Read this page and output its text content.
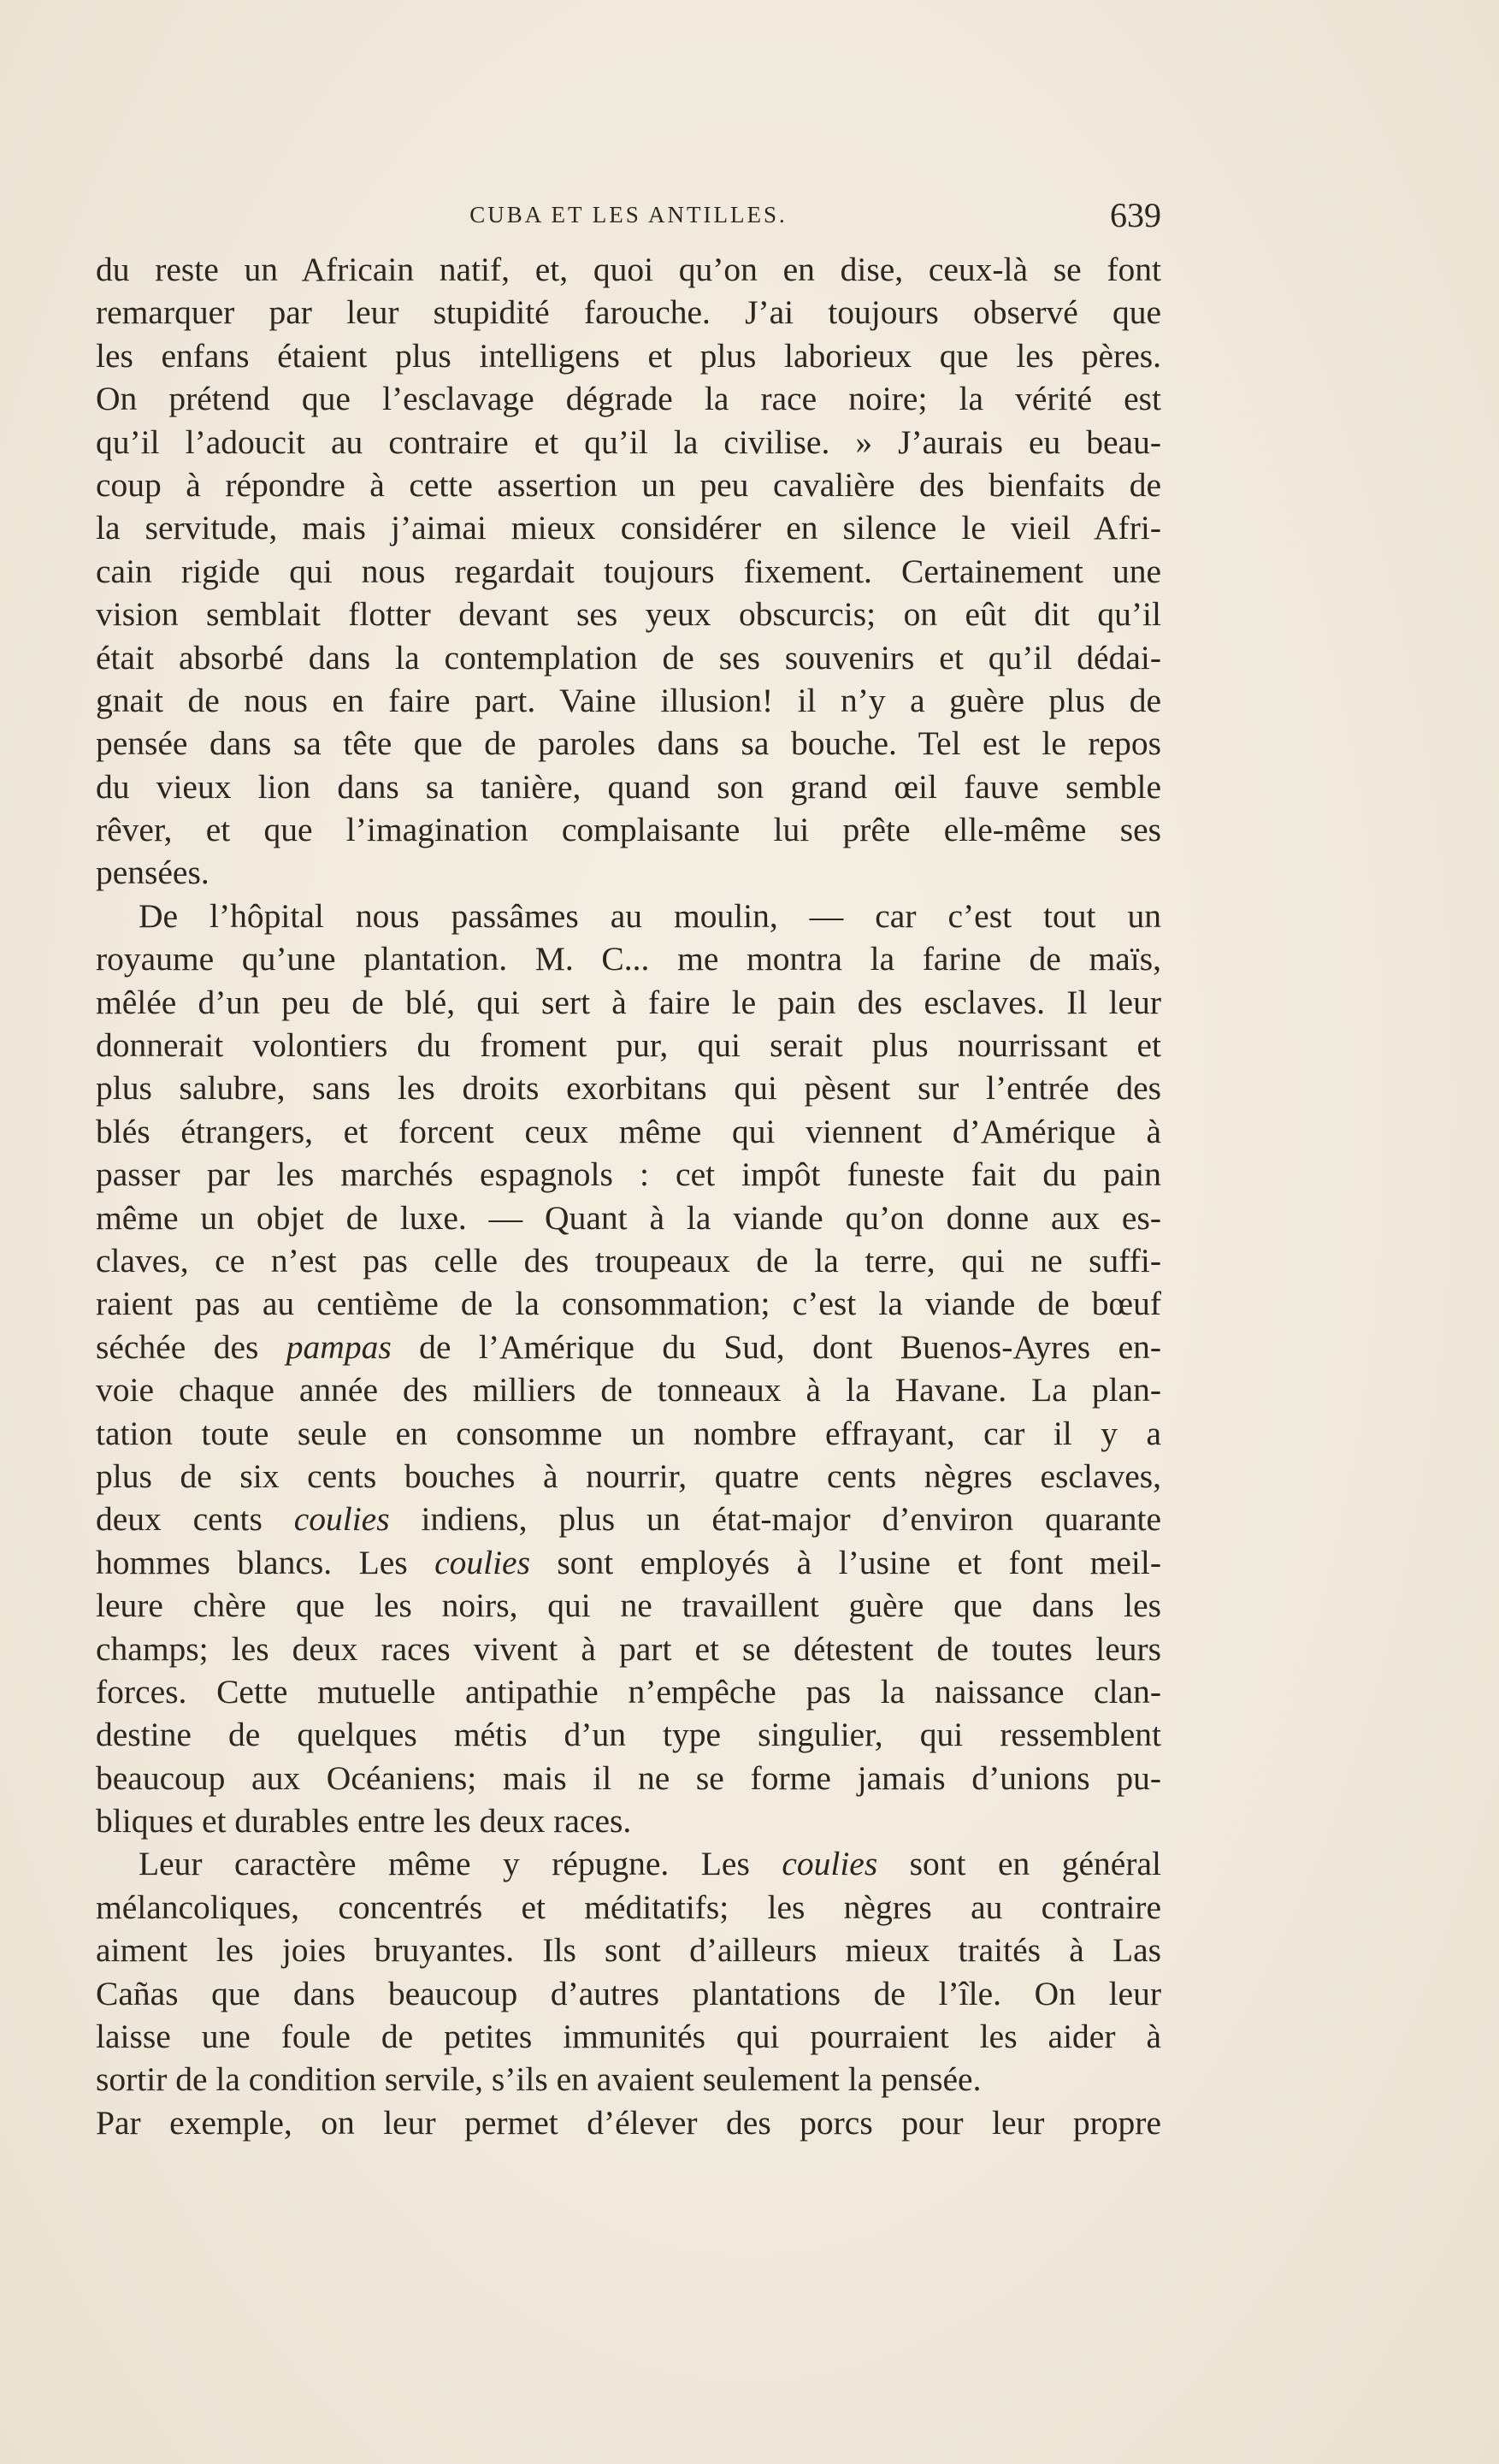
CUBA ET LES ANTILLES.	639
du reste un Africain natif, et, quoi qu’on en dise, ceux-là se font
remarquer par leur stupidité farouche. J’ai toujours observé que
les enfans étaient plus intelligens et plus laborieux que les pères.
On prétend que l’esclavage dégrade la race noire; la vérité est
qu’il l’adoucit au contraire et qu’il la civilise. » J’aurais eu beau-
coup à répondre à cette assertion un peu cavalière des bienfaits de
la servitude, mais j’aimai mieux considérer en silence le vieil Afri-
cain rigide qui nous regardait toujours fixement. Certainement une
vision semblait flotter devant ses yeux obscurcis; on eût dit qu’il
était absorbé dans la contemplation de ses souvenirs et qu’il dédai-
gnait de nous en faire part. Vaine illusion! il n’y a guère plus de
pensée dans sa tête que de paroles dans sa bouche. Tel est le repos
du vieux lion dans sa tanière, quand son grand œil fauve semble
rêver, et que l’imagination complaisante lui prête elle-même ses
pensées.
De l’hôpital nous passâmes au moulin, — car c’est tout un
royaume qu’une plantation. M. C... me montra la farine de maïs,
mêlée d’un peu de blé, qui sert à faire le pain des esclaves. Il leur
donnerait volontiers du froment pur, qui serait plus nourrissant et
plus salubre, sans les droits exorbitans qui pèsent sur l’entrée des
blés étrangers, et forcent ceux même qui viennent d’Amérique à
passer par les marchés espagnols : cet impôt funeste fait du pain
même un objet de luxe. — Quant à la viande qu’on donne aux es-
claves, ce n’est pas celle des troupeaux de la terre, qui ne suffi-
raient pas au centième de la consommation; c’est la viande de bœuf
séchée des pampas de l’Amérique du Sud, dont Buenos-Ayres en-
voie chaque année des milliers de tonneaux à la Havane. La plan-
tation toute seule en consomme un nombre effrayant, car il y a
plus de six cents bouches à nourrir, quatre cents nègres esclaves,
deux cents coulies indiens, plus un état-major d’environ quarante
hommes blancs. Les coulies sont employés à l’usine et font meil-
leure chère que les noirs, qui ne travaillent guère que dans les
champs; les deux races vivent à part et se détestent de toutes leurs
forces. Cette mutuelle antipathie n’empêche pas la naissance clan-
destine de quelques métis d’un type singulier, qui ressemblent
beaucoup aux Océaniens; mais il ne se forme jamais d’unions pu-
bliques et durables entre les deux races.
Leur caractère même y répugne. Les coulies sont en général
mélancoliques, concentrés et méditatifs; les nègres au contraire
aiment les joies bruyantes. Ils sont d’ailleurs mieux traités à Las
Cañas que dans beaucoup d’autres plantations de l’île. On leur
laisse une foule de petites immunités qui pourraient les aider à
sortir de la condition servile, s’ils en avaient seulement la pensée.
Par exemple, on leur permet d’élever des porcs pour leur propre
